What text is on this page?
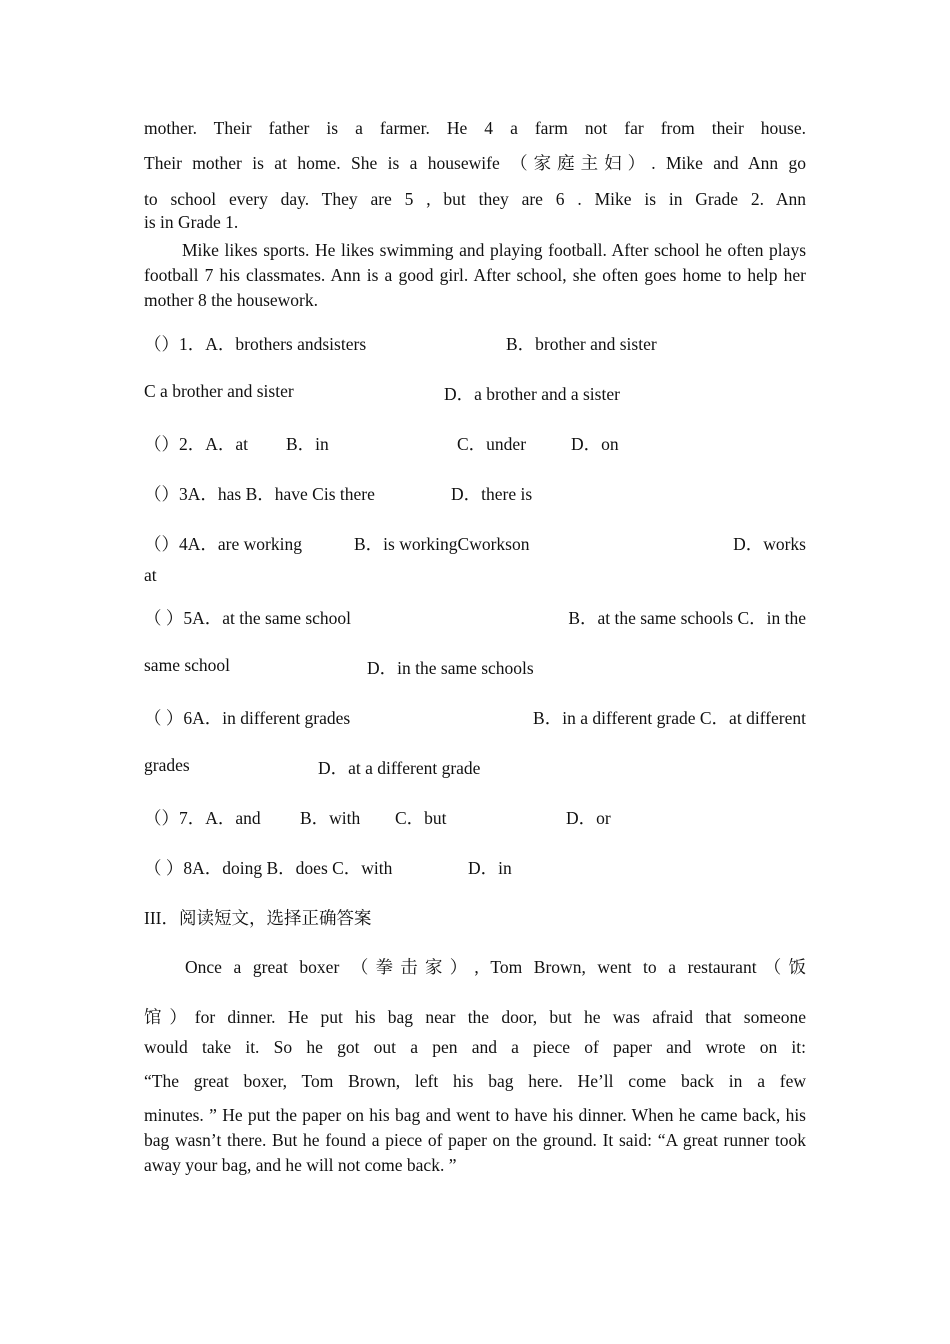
mother. Their father is a farmer. He 4 a farm not far from their house.

Their mother is at home. She is a housewife （家庭主妇）. Mike and Ann go

to school every day. They are 5 , but they are 6 . Mike is in Grade 2. Ann

is in Grade 1.

Mike likes sports. He likes swimming and playing football. After school he often plays football 7 his classmates. Ann is a good girl. After school, she often goes home to help her mother 8 the housework.

（）1．A．brothers andsisters

	B．brother and sister

C a brother and sister

	D．a brother and a sister

（）2．A．at

B．in

	C．under

	D．on

（）3A．has B．have Cis there

	D．there is

（）4A．are working

	B．is workingCworkson

	D．works

at

（ ）5A．at the same school

	B．at the same schools C．in the

same school

	D．in the same schools

（ ）6A．in different grades

	B．in a different grade C．at different

grades

	D．at a different grade

（）7．A．and

B．with

C．but

	D．or

（ ）8A．doing B．does C．with

	D．in

III．阅读短文，选择正确答案

Once a great boxer （拳击家）, Tom Brown, went to a restaurant（饭

馆）for dinner. He put his bag near the door, but he was afraid that someone

would take it. So he got out a pen and a piece of paper and wrote on it:

“The great boxer, Tom Brown, left his bag here. He’ll come back in a few

minutes. ” He put the paper on his bag and went to have his dinner. When he came back, his bag wasn’t there. But he found a piece of paper on the ground. It said: “A great runner took away your bag, and he will not come back. ”
